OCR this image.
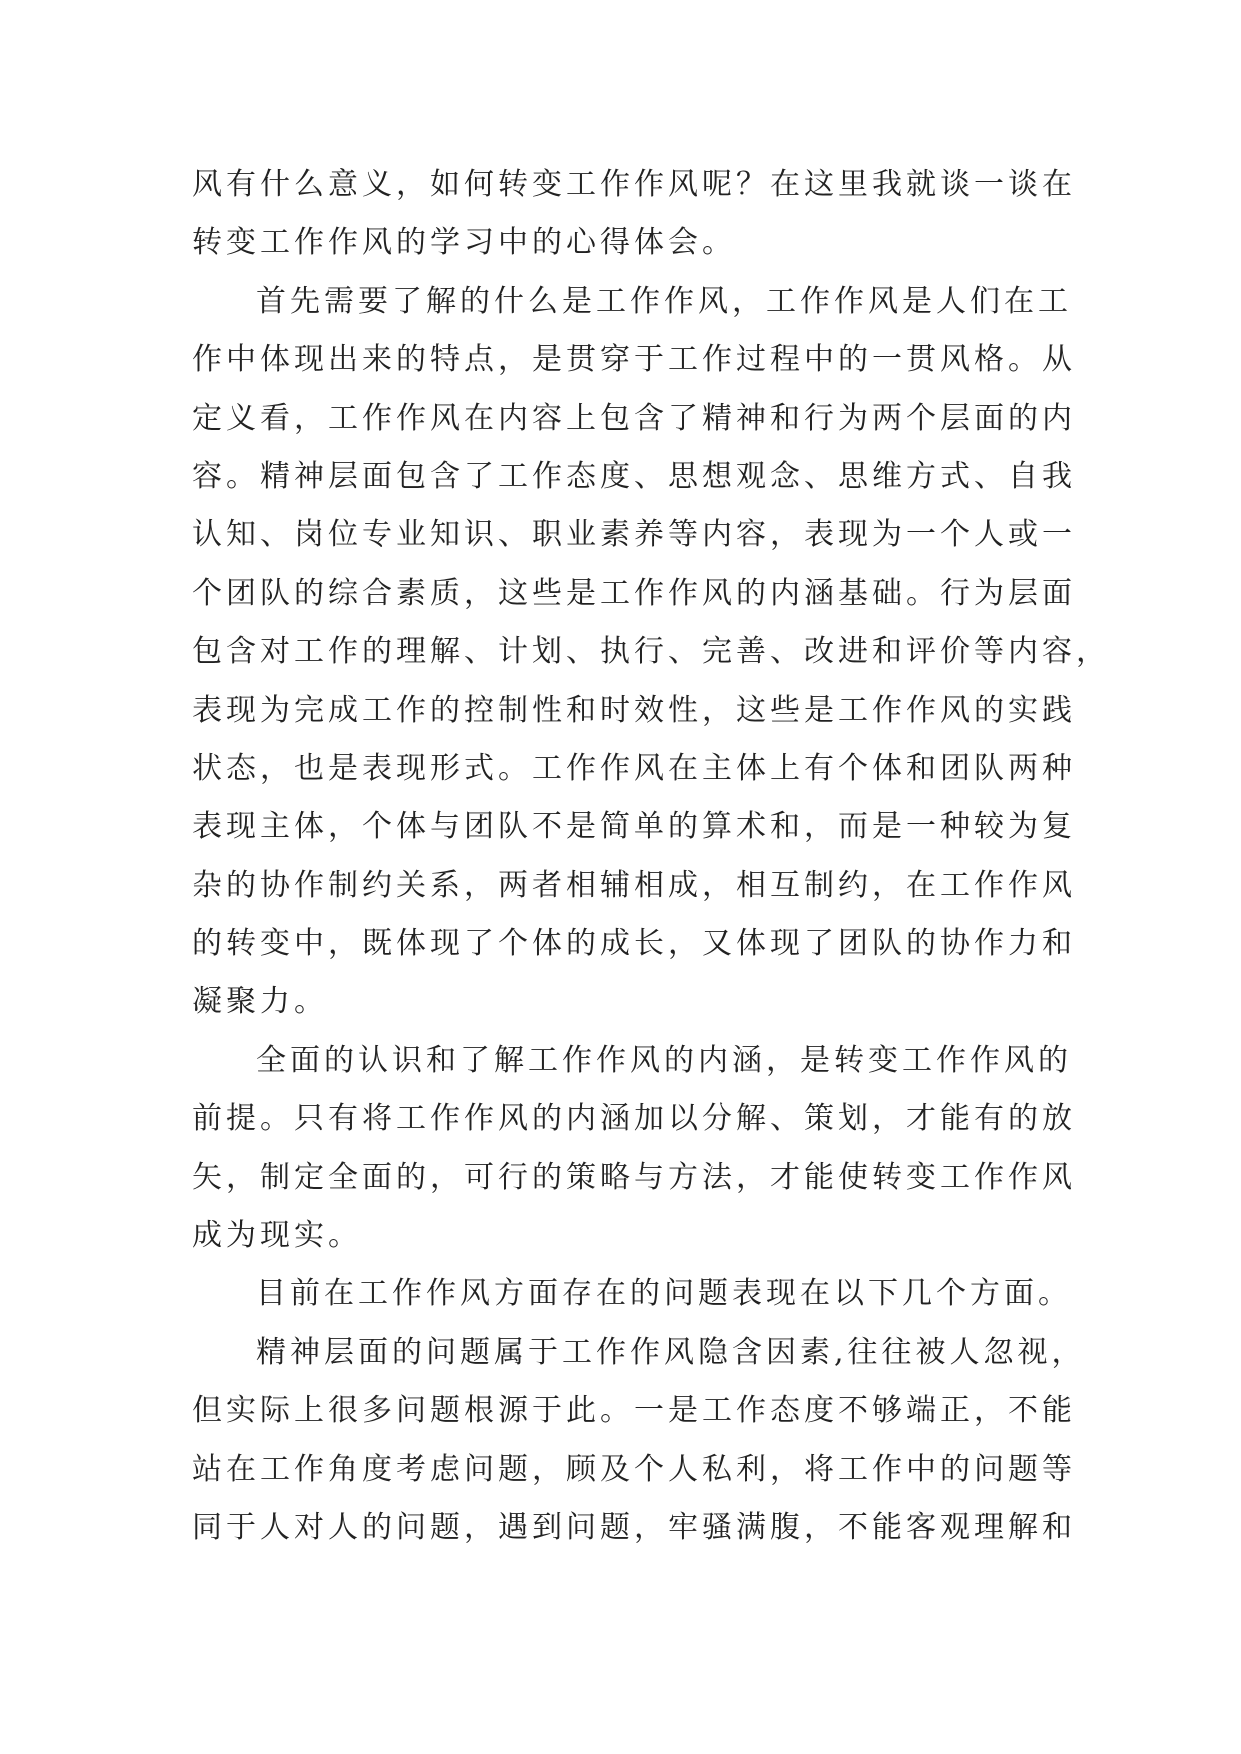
风有什么意义，如何转变工作作风呢？在这里我就谈一谈在
转变工作作风的学习中的心得体会。
首先需要了解的什么是工作作风，工作作风是人们在工
作中体现出来的特点，是贯穿于工作过程中的一贯风格。从
定义看，工作作风在内容上包含了精神和行为两个层面的内
容。精神层面包含了工作态度、思想观念、思维方式、自我
认知、岗位专业知识、职业素养等内容，表现为一个人或一
个团队的综合素质，这些是工作作风的内涵基础。行为层面
包含对工作的理解、计划、执行、完善、改进和评价等内容，
表现为完成工作的控制性和时效性，这些是工作作风的实践
状态，也是表现形式。工作作风在主体上有个体和团队两种
表现主体，个体与团队不是简单的算术和，而是一种较为复
杂的协作制约关系，两者相辅相成，相互制约，在工作作风
的转变中，既体现了个体的成长，又体现了团队的协作力和
凝聚力。
全面的认识和了解工作作风的内涵，是转变工作作风的
前提。只有将工作作风的内涵加以分解、策划，才能有的放
矢，制定全面的，可行的策略与方法，才能使转变工作作风
成为现实。
目前在工作作风方面存在的问题表现在以下几个方面。
精神层面的问题属于工作作风隐含因素,往往被人忽视，
但实际上很多问题根源于此。一是工作态度不够端正，不能
站在工作角度考虑问题，顾及个人私利，将工作中的问题等
同于人对人的问题，遇到问题，牢骚满腹，不能客观理解和
